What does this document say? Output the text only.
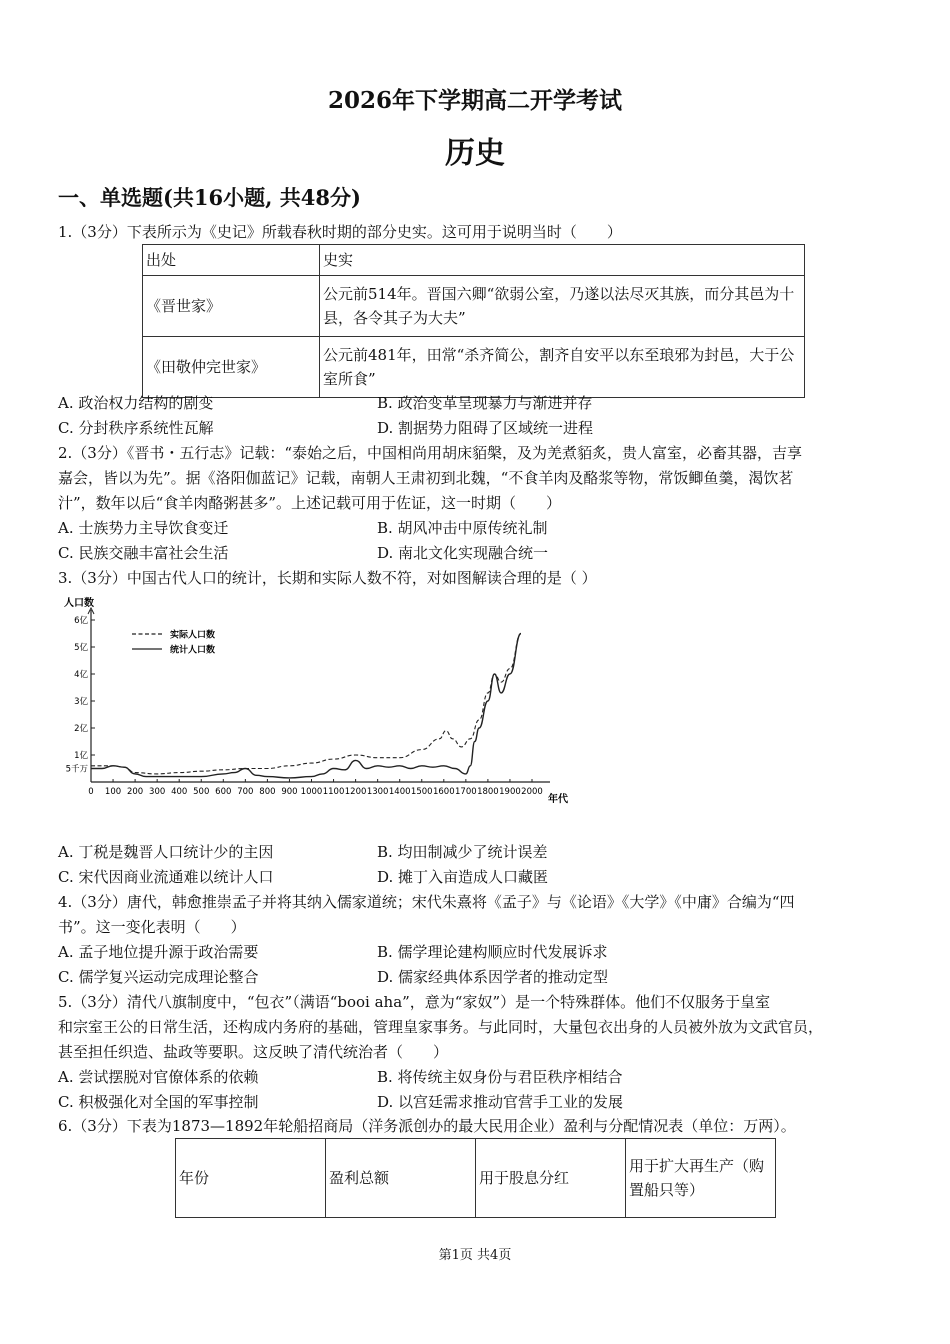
2026年下学期高二开学考试
历史
一、单选题(共16小题, 共48分)
1.（3分）下表所示为《史记》所载春秋时期的部分史实。这可用于说明当时（　　）
出处	史实
《晋世家》	公元前514年。晋国六卿“欲弱公室，乃遂以法尽灭其族，而分其邑为十县，各令其子为大夫”
《田敬仲完世家》	公元前481年，田常“杀齐简公，割齐自安平以东至琅邪为封邑，大于公室所食”
A. 政治权力结构的剧变	B. 政治变革呈现暴力与渐进并存
C. 分封秩序系统性瓦解	D. 割据势力阻碍了区域统一进程
2.（3分）《晋书・五行志》记载：“泰始之后，中国相尚用胡床貊槃，及为羌煮貊炙，贵人富室，必畜其器，吉享
嘉会，皆以为先”。据《洛阳伽蓝记》记载，南朝人王肃初到北魏，“不食羊肉及酪浆等物，常饭鲫鱼羹，渴饮茗
汁”，数年以后“食羊肉酪粥甚多”。上述记载可用于佐证，这一时期（　　）
A. 士族势力主导饮食变迁	B. 胡风冲击中原传统礼制
C. 民族交融丰富社会生活	D. 南北文化实现融合统一
3.（3分）中国古代人口的统计，长期和实际人数不符，对如图解读合理的是（ ）
5千万
1亿
2亿
3亿
4亿
5亿
6亿
0 100 200 300 400 500 600 700 800 900 1000 1100 1200 1300 1400 1500 1600 1700 1800 1900 2000
实际人口数
统计人口数
人口数
年代
A. 丁税是魏晋人口统计少的主因	B. 均田制减少了统计误差
C. 宋代因商业流通难以统计人口	D. 摊丁入亩造成人口藏匿
4.（3分）唐代，韩愈推崇孟子并将其纳入儒家道统；宋代朱熹将《孟子》与《论语》《大学》《中庸》合编为“四
书”。这一变化表明（　　）
A. 孟子地位提升源于政治需要	B. 儒学理论建构顺应时代发展诉求
C. 儒学复兴运动完成理论整合	D. 儒家经典体系因学者的推动定型
5.（3分）清代八旗制度中，“包衣”（满语“booi aha”，意为“家奴”）是一个特殊群体。他们不仅服务于皇室
和宗室王公的日常生活，还构成内务府的基础，管理皇家事务。与此同时，大量包衣出身的人员被外放为文武官员，
甚至担任织造、盐政等要职。这反映了清代统治者（　　）
A. 尝试摆脱对官僚体系的依赖	B. 将传统主奴身份与君臣秩序相结合
C. 积极强化对全国的军事控制	D. 以宫廷需求推动官营手工业的发展
6.（3分）下表为1873—1892年轮船招商局（洋务派创办的最大民用企业）盈利与分配情况表（单位：万两）。
年份	盈利总额	用于股息分红	用于扩大再生产（购置船只等）
第1页 共4页
